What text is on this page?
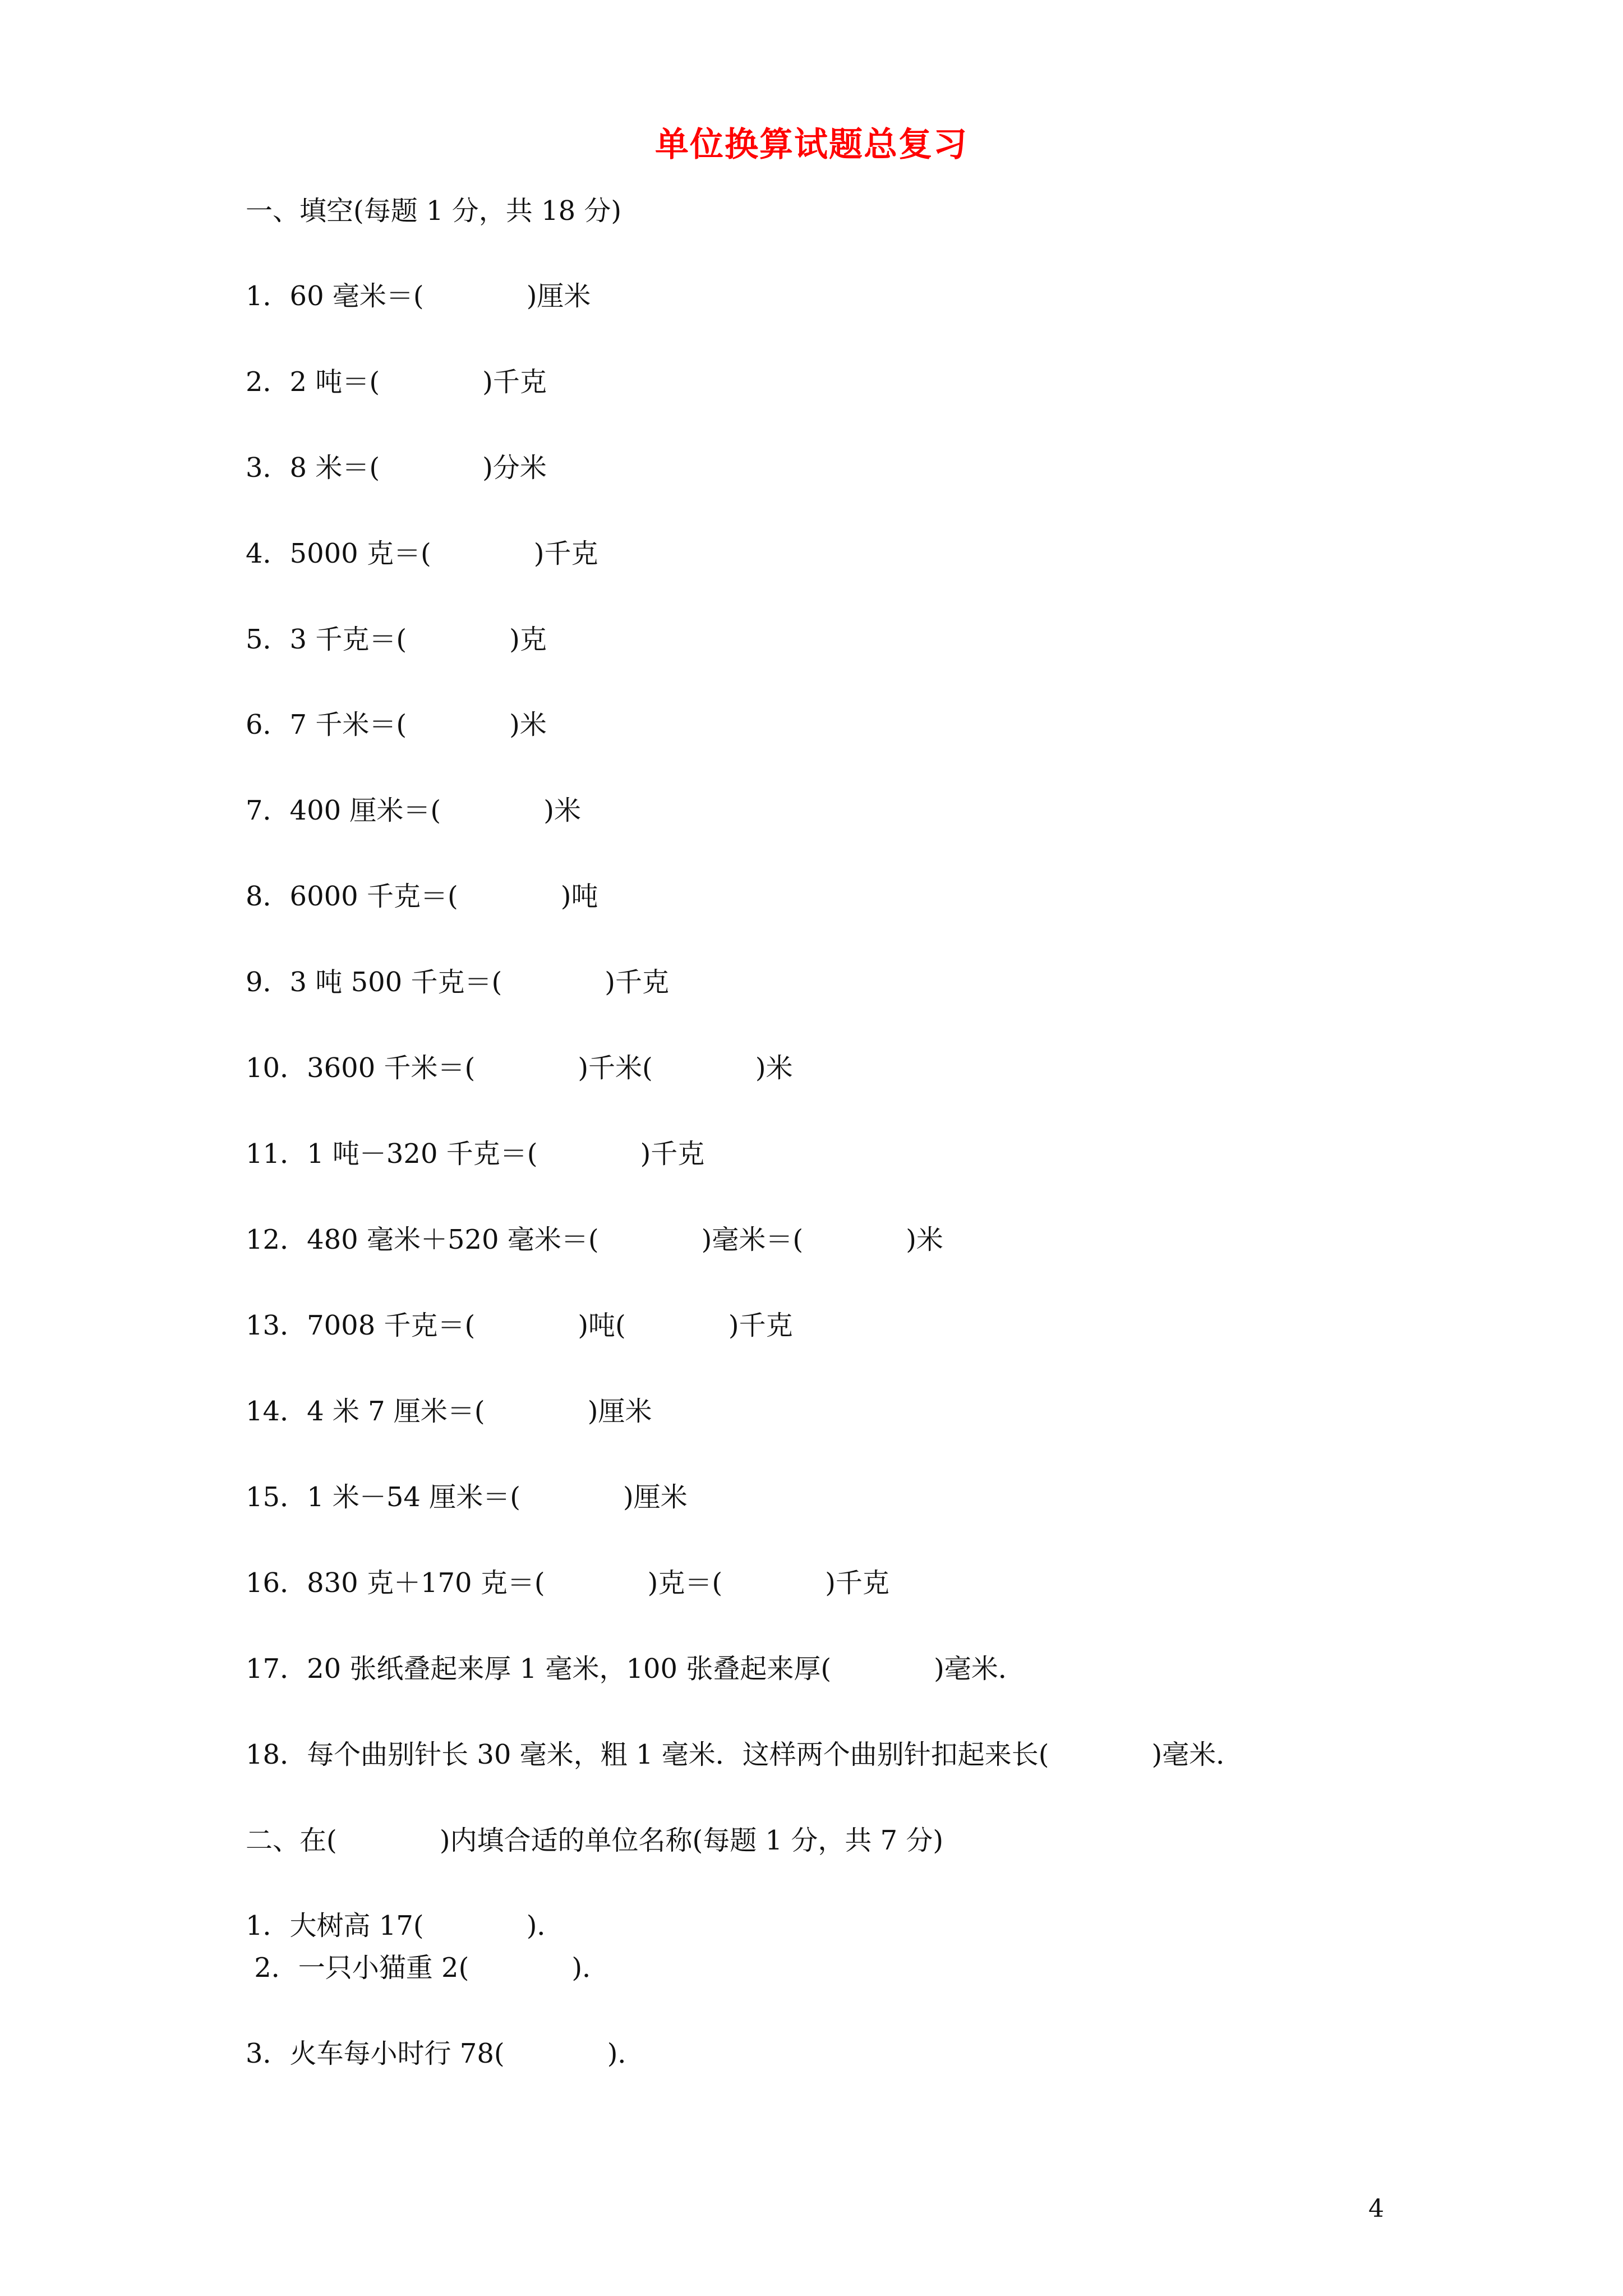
单位换算试题总复习
一、填空(每题 1 分，共 18 分)
1．60 毫米＝(            )厘米
2．2 吨＝(            )千克
3．8 米＝(            )分米
4．5000 克＝(            )千克
5．3 千克＝(            )克
6．7 千米＝(            )米
7．400 厘米＝(            )米
8．6000 千克＝(            )吨
9．3 吨 500 千克＝(            )千克
10．3600 千米＝(            )千米(            )米
11．1 吨－320 千克＝(            )千克
12．480 毫米＋520 毫米＝(            )毫米＝(            )米
13．7008 千克＝(            )吨(            )千克
14．4 米 7 厘米＝(            )厘米
15．1 米－54 厘米＝(            )厘米
16．830 克＋170 克＝(            )克＝(            )千克
17．20 张纸叠起来厚 1 毫米，100 张叠起来厚(            )毫米．
18．每个曲别针长 30 毫米，粗 1 毫米．这样两个曲别针扣起来长(            )毫米．
二、在(            )内填合适的单位名称(每题 1 分，共 7 分)
1．大树高 17(            )．
2．一只小猫重 2(            )．
3．火车每小时行 78(            )．
4
